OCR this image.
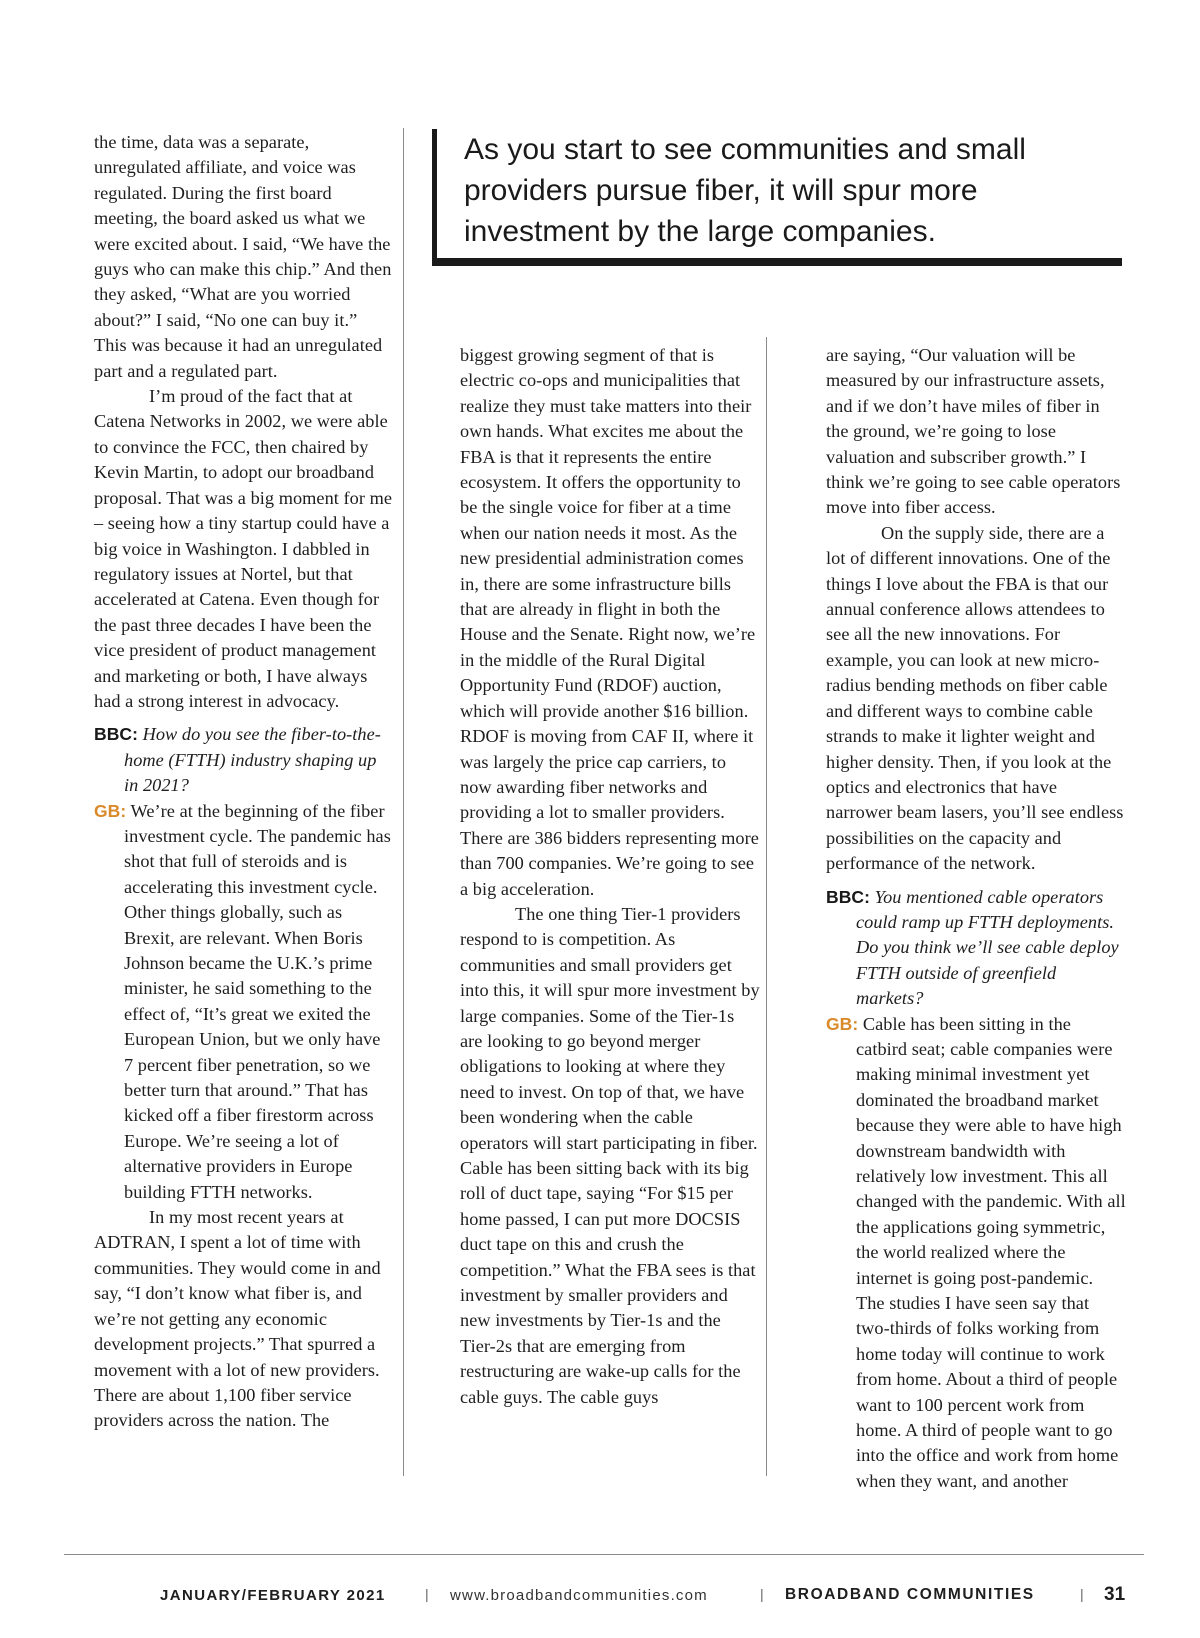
As you start to see communities and small providers pursue fiber, it will spur more investment by the large companies.

the time, data was a separate, unregulated affiliate, and voice was regulated. During the first board meeting, the board asked us what we were excited about. I said, “We have the guys who can make this chip.” And then they asked, “What are you worried about?” I said, “No one can buy it.” This was because it had an unregulated part and a regulated part.

I’m proud of the fact that at Catena Networks in 2002, we were able to convince the FCC, then chaired by Kevin Martin, to adopt our broadband proposal. That was a big moment for me – seeing how a tiny startup could have a big voice in Washington. I dabbled in regulatory issues at Nortel, but that accelerated at Catena. Even though for the past three decades I have been the vice president of product management and marketing or both, I have always had a strong interest in advocacy.

BBC: How do you see the fiber-to-the-home (FTTH) industry shaping up in 2021?

GB: We’re at the beginning of the fiber investment cycle. The pandemic has shot that full of steroids and is accelerating this investment cycle. Other things globally, such as Brexit, are relevant. When Boris Johnson became the U.K.’s prime minister, he said something to the effect of, “It’s great we exited the European Union, but we only have 7 percent fiber penetration, so we better turn that around.” That has kicked off a fiber firestorm across Europe. We’re seeing a lot of alternative providers in Europe building FTTH networks.

In my most recent years at ADTRAN, I spent a lot of time with communities. They would come in and say, “I don’t know what fiber is, and we’re not getting any economic development projects.” That spurred a movement with a lot of new providers. There are about 1,100 fiber service providers across the nation. The

biggest growing segment of that is electric co-ops and municipalities that realize they must take matters into their own hands. What excites me about the FBA is that it represents the entire ecosystem. It offers the opportunity to be the single voice for fiber at a time when our nation needs it most. As the new presidential administration comes in, there are some infrastructure bills that are already in flight in both the House and the Senate. Right now, we’re in the middle of the Rural Digital Opportunity Fund (RDOF) auction, which will provide another $16 billion. RDOF is moving from CAF II, where it was largely the price cap carriers, to now awarding fiber networks and providing a lot to smaller providers. There are 386 bidders representing more than 700 companies. We’re going to see a big acceleration.

The one thing Tier-1 providers respond to is competition. As communities and small providers get into this, it will spur more investment by large companies. Some of the Tier-1s are looking to go beyond merger obligations to looking at where they need to invest. On top of that, we have been wondering when the cable operators will start participating in fiber. Cable has been sitting back with its big roll of duct tape, saying “For $15 per home passed, I can put more DOCSIS duct tape on this and crush the competition.” What the FBA sees is that investment by smaller providers and new investments by Tier-1s and the Tier-2s that are emerging from restructuring are wake-up calls for the cable guys. The cable guys

are saying, “Our valuation will be measured by our infrastructure assets, and if we don’t have miles of fiber in the ground, we’re going to lose valuation and subscriber growth.” I think we’re going to see cable operators move into fiber access.

On the supply side, there are a lot of different innovations. One of the things I love about the FBA is that our annual conference allows attendees to see all the new innovations. For example, you can look at new micro-radius bending methods on fiber cable and different ways to combine cable strands to make it lighter weight and higher density. Then, if you look at the optics and electronics that have narrower beam lasers, you’ll see endless possibilities on the capacity and performance of the network.

BBC: You mentioned cable operators could ramp up FTTH deployments. Do you think we’ll see cable deploy FTTH outside of greenfield markets?

GB: Cable has been sitting in the catbird seat; cable companies were making minimal investment yet dominated the broadband market because they were able to have high downstream bandwidth with relatively low investment. This all changed with the pandemic. With all the applications going symmetric, the world realized where the internet is going post-pandemic. The studies I have seen say that two-thirds of folks working from home today will continue to work from home. About a third of people want to 100 percent work from home. A third of people want to go into the office and work from home when they want, and another

JANUARY/FEBRUARY 2021	| www.broadbandcommunities.com	| BROADBAND COMMUNITIES	| 31
